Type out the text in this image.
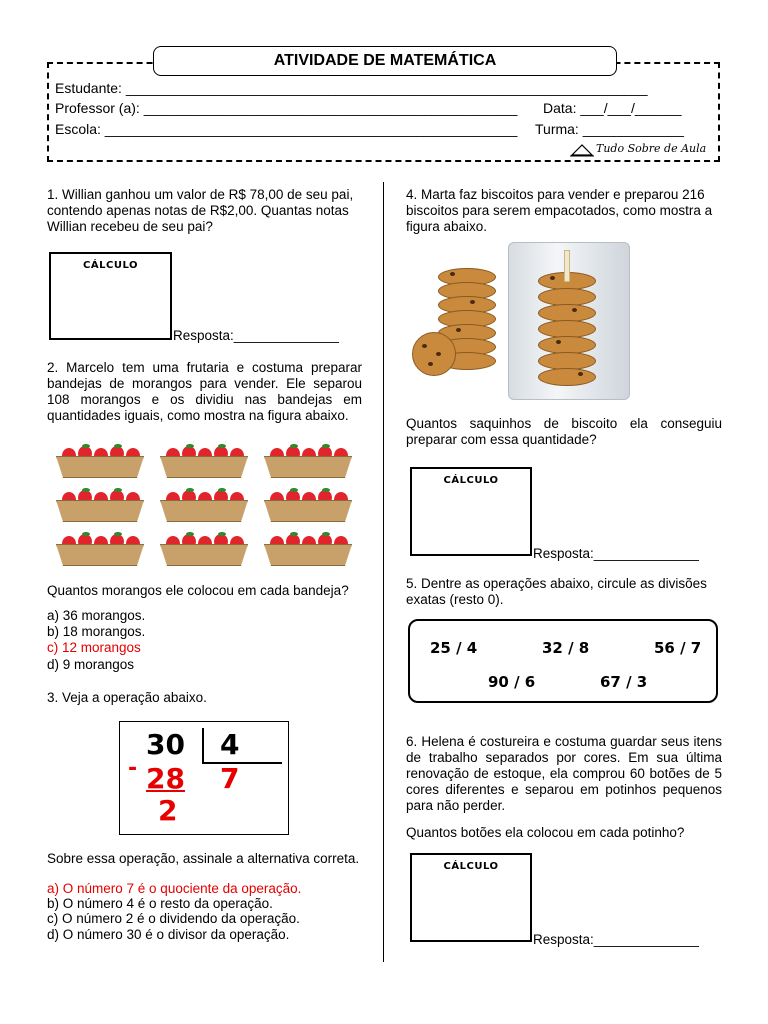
ATIVIDADE DE MATEMÁTICA
Estudante: ___________________________________________________________________
Professor (a): ________________________________________________ Data: ___/___/______
Escola: _____________________________________________________ Turma: _____________
Tudo Sobre de Aula
1. Willian ganhou um valor de R$ 78,00 de seu pai, contendo apenas notas de R$2,00. Quantas notas Willian recebeu de seu pai?
CÁLCULO
Resposta:______________
2. Marcelo tem uma frutaria e costuma preparar bandejas de morangos para vender. Ele separou 108 morangos e os dividiu nas bandejas em quantidades iguais, como mostra na figura abaixo.
Quantos morangos ele colocou em cada bandeja?
a) 36 morangos.
b) 18 morangos.
c) 12 morangos
d) 9 morangos
3. Veja a operação abaixo.
30 4
- 28 7
2
Sobre essa operação, assinale a alternativa correta.
a) O número 7 é o quociente da operação.
b) O número 4 é o resto da operação.
c) O número 2 é o dividendo da operação.
d) O número 30 é o divisor da operação.
4. Marta faz biscoitos para vender e preparou 216 biscoitos para serem empacotados, como mostra a figura abaixo.
Quantos saquinhos de biscoito ela conseguiu preparar com essa quantidade?
CÁLCULO
Resposta:______________
5. Dentre as operações abaixo, circule as divisões exatas (resto 0).
25 / 4	32 / 8	56 / 7
90 / 6	67 / 3
6. Helena é costureira e costuma guardar seus itens de trabalho separados por cores. Em sua última renovação de estoque, ela comprou 60 botões de 5 cores diferentes e separou em potinhos pequenos para não perder.
Quantos botões ela colocou em cada potinho?
CÁLCULO
Resposta:______________
